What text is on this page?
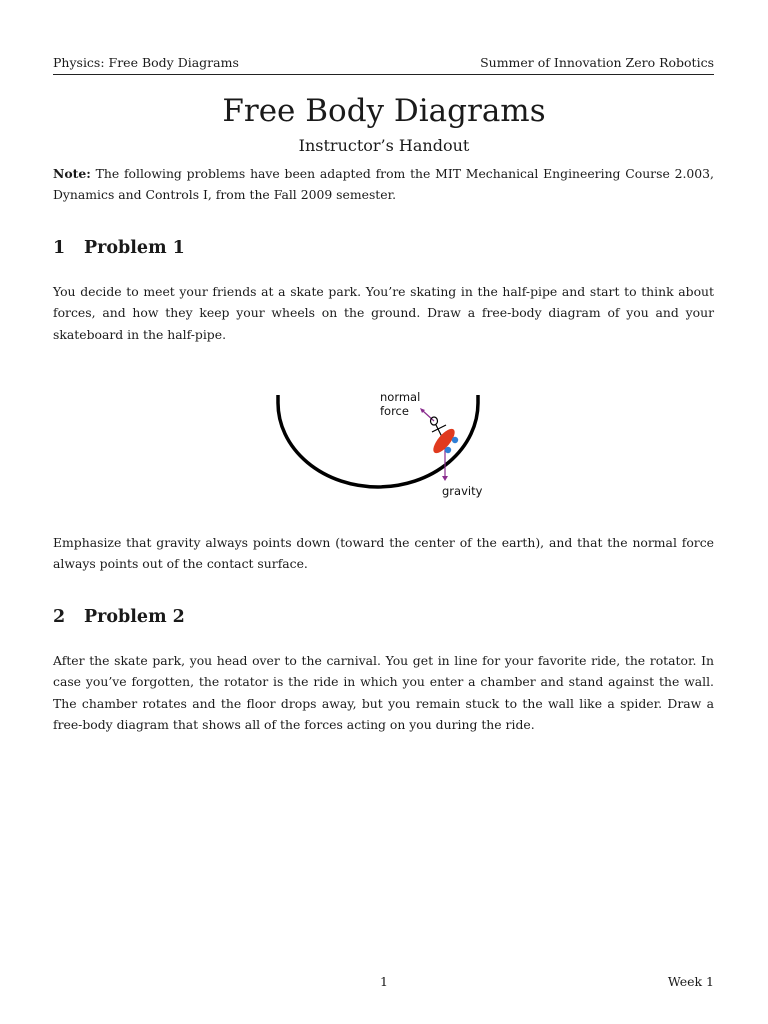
Physics: Free Body Diagrams	Summer of Innovation Zero Robotics
Free Body Diagrams

Instructor’s Handout

Note: The following problems have been adapted from the MIT Mechanical Engineering Course 2.003, Dynamics and Controls I, from the Fall 2009 semester.

1 Problem 1

You decide to meet your friends at a skate park. You’re skating in the half-pipe and start to think about forces, and how they keep your wheels on the ground. Draw a free-body diagram of you and your skateboard in the half-pipe.

normal
force
gravity

Emphasize that gravity always points down (toward the center of the earth), and that the normal force always points out of the contact surface.

2 Problem 2

After the skate park, you head over to the carnival. You get in line for your favorite ride, the rotator. In case you’ve forgotten, the rotator is the ride in which you enter a chamber and stand against the wall. The chamber rotates and the floor drops away, but you remain stuck to the wall like a spider. Draw a free-body diagram that shows all of the forces acting on you during the ride.

1	Week 1
